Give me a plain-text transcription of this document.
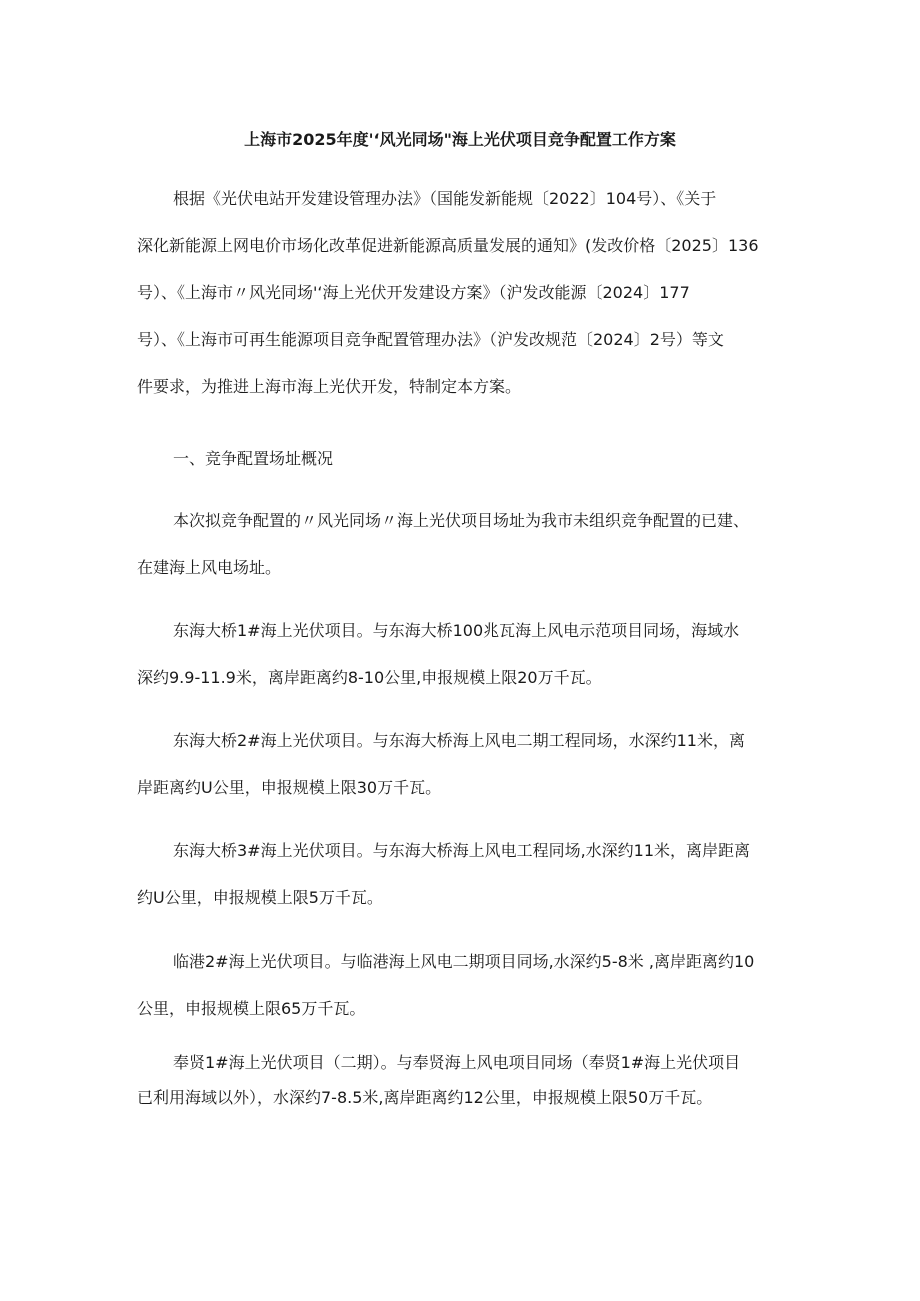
上海市2025年度'‘风光同场"海上光伏项目竞争配置工作方案
根据《光伏电站开发建设管理办法》（国能发新能规〔2022〕104号）、《关于
深化新能源上网电价市场化改革促进新能源高质量发展的通知》(发改价格〔2025〕136
号）、《上海市〃风光同场'‘海上光伏开发建设方案》（沪发改能源〔2024〕177
号）、《上海市可再生能源项目竞争配置管理办法》（沪发改规范〔2024〕2号）等文
件要求，为推进上海市海上光伏开发，特制定本方案。
一、竞争配置场址概况
本次拟竞争配置的〃风光同场〃海上光伏项目场址为我市未组织竞争配置的已建、
在建海上风电场址。
东海大桥1#海上光伏项目。与东海大桥100兆瓦海上风电示范项目同场，海域水
深约9.9-11.9米，离岸距离约8-10公里,申报规模上限20万千瓦。
东海大桥2#海上光伏项目。与东海大桥海上风电二期工程同场，水深约11米，离
岸距离约U公里，申报规模上限30万千瓦。
东海大桥3#海上光伏项目。与东海大桥海上风电工程同场,水深约11米，离岸距离
约U公里，申报规模上限5万千瓦。
临港2#海上光伏项目。与临港海上风电二期项目同场,水深约5-8米 ,离岸距离约10
公里，申报规模上限65万千瓦。
奉贤1#海上光伏项目（二期）。与奉贤海上风电项目同场（奉贤1#海上光伏项目
已利用海域以外），水深约7-8.5米,离岸距离约12公里，申报规模上限50万千瓦。
